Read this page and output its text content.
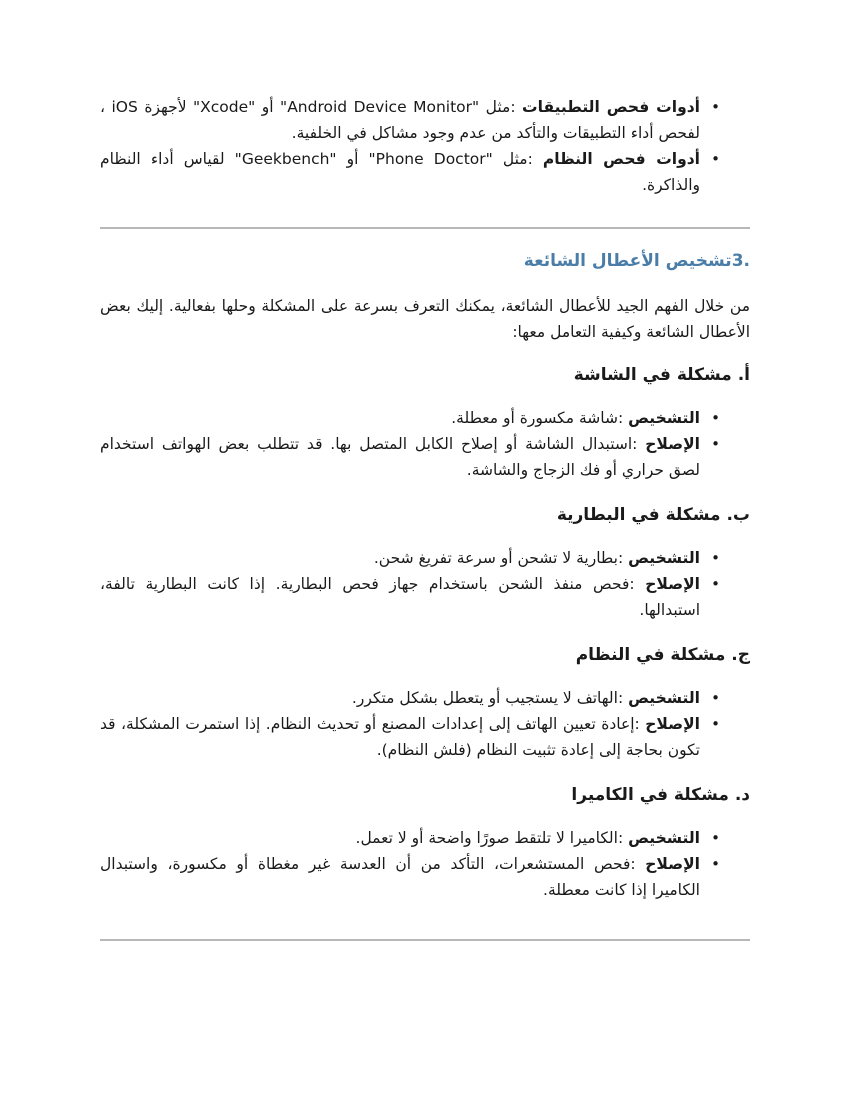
•
أدوات فحص التطبيقات :مثل "Android Device Monitor" أو "Xcode" لأجهزة iOS ، لفحص أداء التطبيقات والتأكد من عدم وجود مشاكل في الخلفية.
•
أدوات فحص النظام :مثل "Phone Doctor" أو "Geekbench" لقياس أداء النظام والذاكرة.
.3تشخيص الأعطال الشائعة

من خلال الفهم الجيد للأعطال الشائعة، يمكنك التعرف بسرعة على المشكلة وحلها بفعالية. إليك بعض الأعطال الشائعة وكيفية التعامل معها:

أ. مشكلة في الشاشة
•
التشخيص :شاشة مكسورة أو معطلة.
•
الإصلاح :استبدال الشاشة أو إصلاح الكابل المتصل بها. قد تتطلب بعض الهواتف استخدام لصق حراري أو فك الزجاج والشاشة.
ب. مشكلة في البطارية
•
التشخيص :بطارية لا تشحن أو سرعة تفريغ شحن.
•
الإصلاح :فحص منفذ الشحن باستخدام جهاز فحص البطارية. إذا كانت البطارية تالفة، استبدالها.
ج. مشكلة في النظام
•
التشخيص :الهاتف لا يستجيب أو يتعطل بشكل متكرر.
•
الإصلاح :إعادة تعيين الهاتف إلى إعدادات المصنع أو تحديث النظام. إذا استمرت المشكلة، قد تكون بحاجة إلى إعادة تثبيت النظام (فلش النظام).
د. مشكلة في الكاميرا
•
التشخيص :الكاميرا لا تلتقط صورًا واضحة أو لا تعمل.
•
الإصلاح :فحص المستشعرات، التأكد من أن العدسة غير مغطاة أو مكسورة، واستبدال الكاميرا إذا كانت معطلة.
